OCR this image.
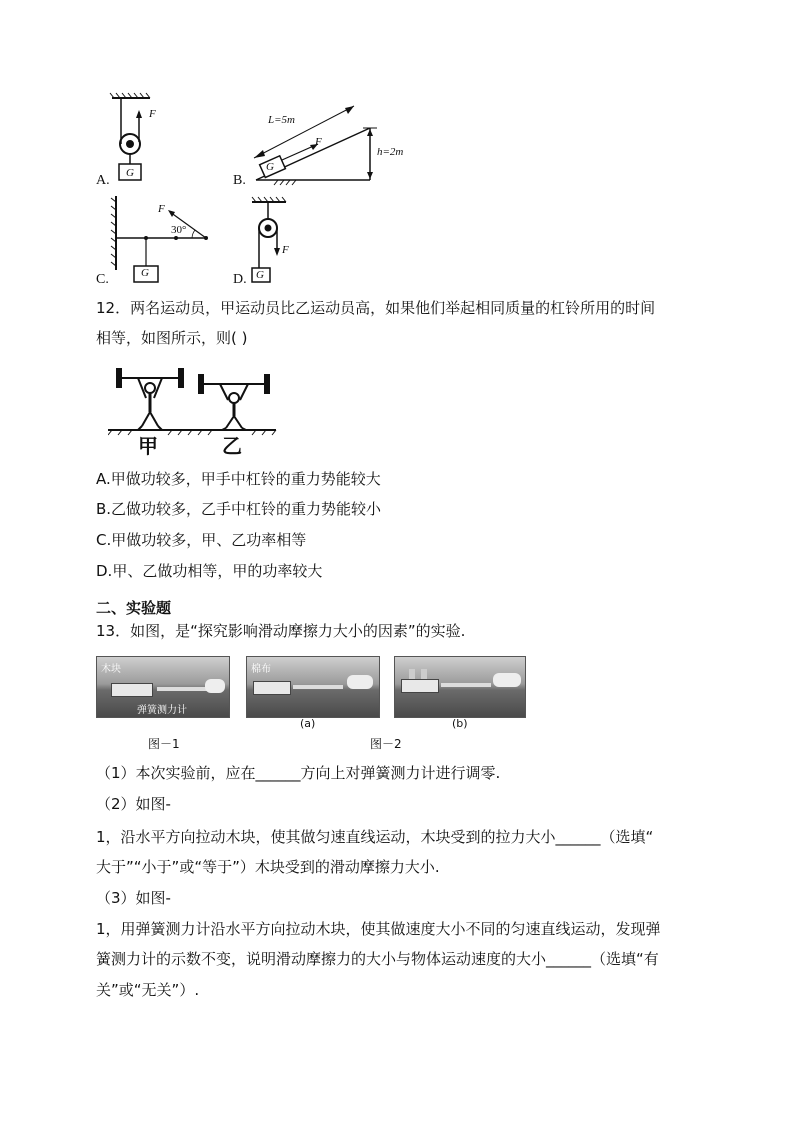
A.
F
G	B.
L=5m
h=2m
F
G
C.
F
30°
G	D.
F
G
12．两名运动员，甲运动员比乙运动员高，如果他们举起相同质量的杠铃所用的时间
相等，如图所示，则( )
甲	乙
A.甲做功较多，甲手中杠铃的重力势能较大
B.乙做功较多，乙手中杠铃的重力势能较小
C.甲做功较多，甲、乙功率相等
D.甲、乙做功相等，甲的功率较大
二、实验题
13．如图，是“探究影响滑动摩擦力大小的因素”的实验.
木块
弹簧测力计
棉布
(a)	(b)
图－1	图－2
（1）本次实验前，应在______方向上对弹簧测力计进行调零.
（2）如图-
1，沿水平方向拉动木块，使其做匀速直线运动，木块受到的拉力大小______（选填“
大于”“小于”或“等于”）木块受到的滑动摩擦力大小.
（3）如图-
1，用弹簧测力计沿水平方向拉动木块，使其做速度大小不同的匀速直线运动，发现弹
簧测力计的示数不变，说明滑动摩擦力的大小与物体运动速度的大小______（选填“有
关”或“无关”）.
